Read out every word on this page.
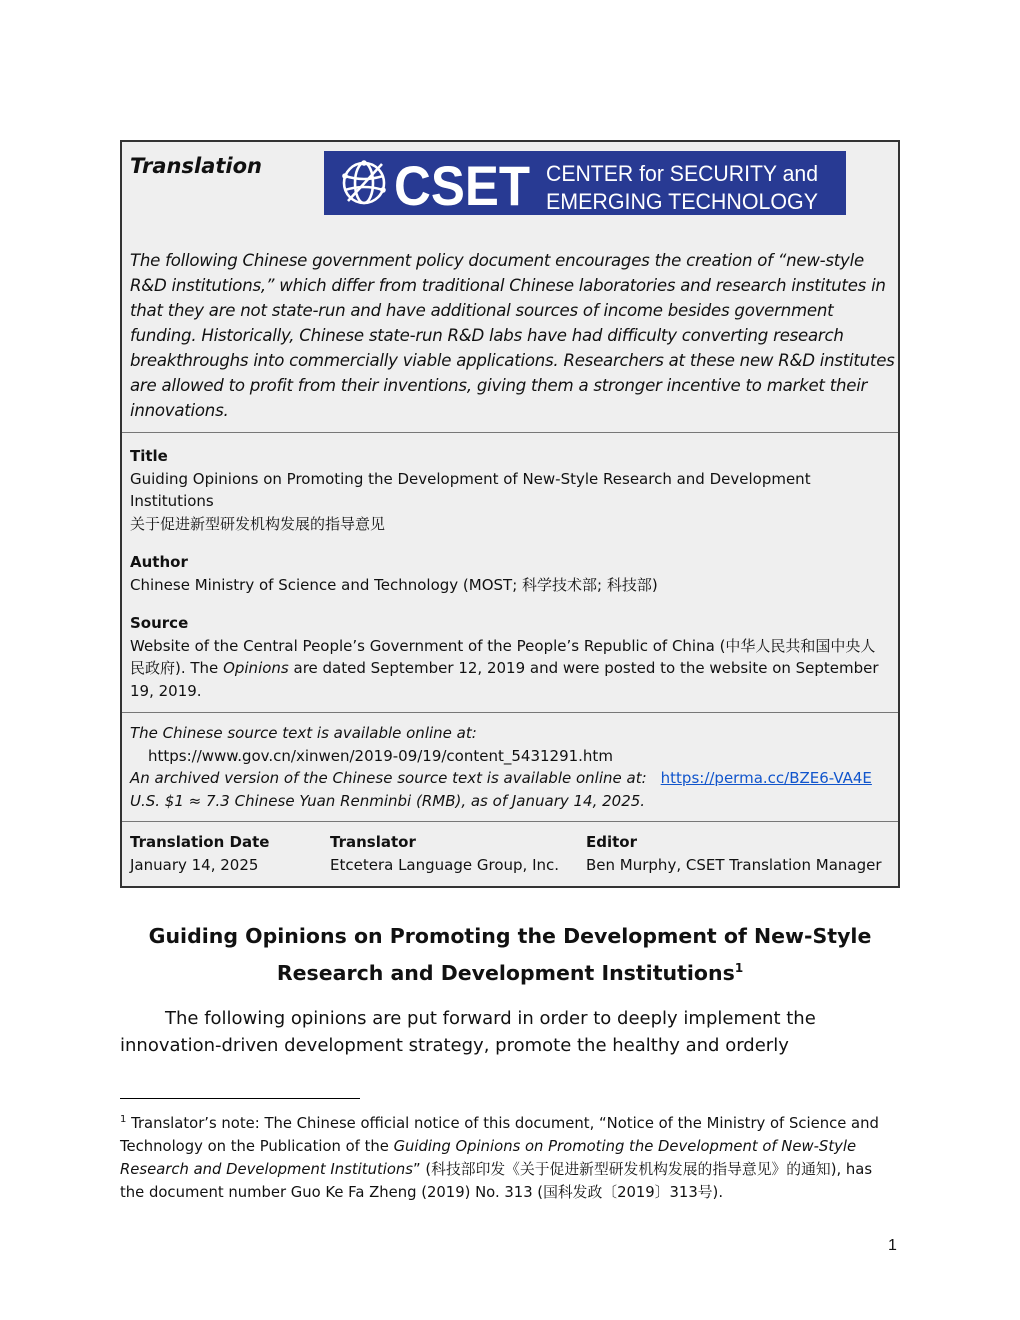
Translation CSET CENTER for SECURITY and
EMERGING TECHNOLOGY

The following Chinese government policy document encourages the creation of “new-style R&D institutions,” which differ from traditional Chinese laboratories and research institutes in that they are not state-run and have additional sources of income besides government funding. Historically, Chinese state-run R&D labs have had difficulty converting research breakthroughs into commercially viable applications. Researchers at these new R&D institutes are allowed to profit from their inventions, giving them a stronger incentive to market their innovations.

Title

Guiding Opinions on Promoting the Development of New-Style Research and Development Institutions

关于促进新型研发机构发展的指导意见

Author

Chinese Ministry of Science and Technology (MOST; 科学技术部; 科技部)

Source

Website of the Central People’s Government of the People’s Republic of China (中华人民共和国中央人民政府). The Opinions are dated September 12, 2019 and were posted to the website on September 19, 2019.

The Chinese source text is available online at:
https://www.gov.cn/xinwen/2019-09/19/content_5431291.htm
An archived version of the Chinese source text is available online at: https://perma.cc/BZE6-VA4E
U.S. $1 ≈ 7.3 Chinese Yuan Renminbi (RMB), as of January 14, 2025.
Translation Date
January 14, 2025
Translator
Etcetera Language Group, Inc.
Editor
Ben Murphy, CSET Translation Manager
Guiding Opinions on Promoting the Development of New-Style
Research and Development Institutions$^1$

The following opinions are put forward in order to deeply implement the innovation-driven development strategy, promote the healthy and orderly

$^1$ Translator’s note: The Chinese official notice of this document, “Notice of the Ministry of Science and Technology on the Publication of the Guiding Opinions on Promoting the Development of New-Style Research and Development Institutions” (科技部印发《关于促进新型研发机构发展的指导意见》的通知), has the document number Guo Ke Fa Zheng (2019) No. 313 (国科发政〔2019〕313号).

1
